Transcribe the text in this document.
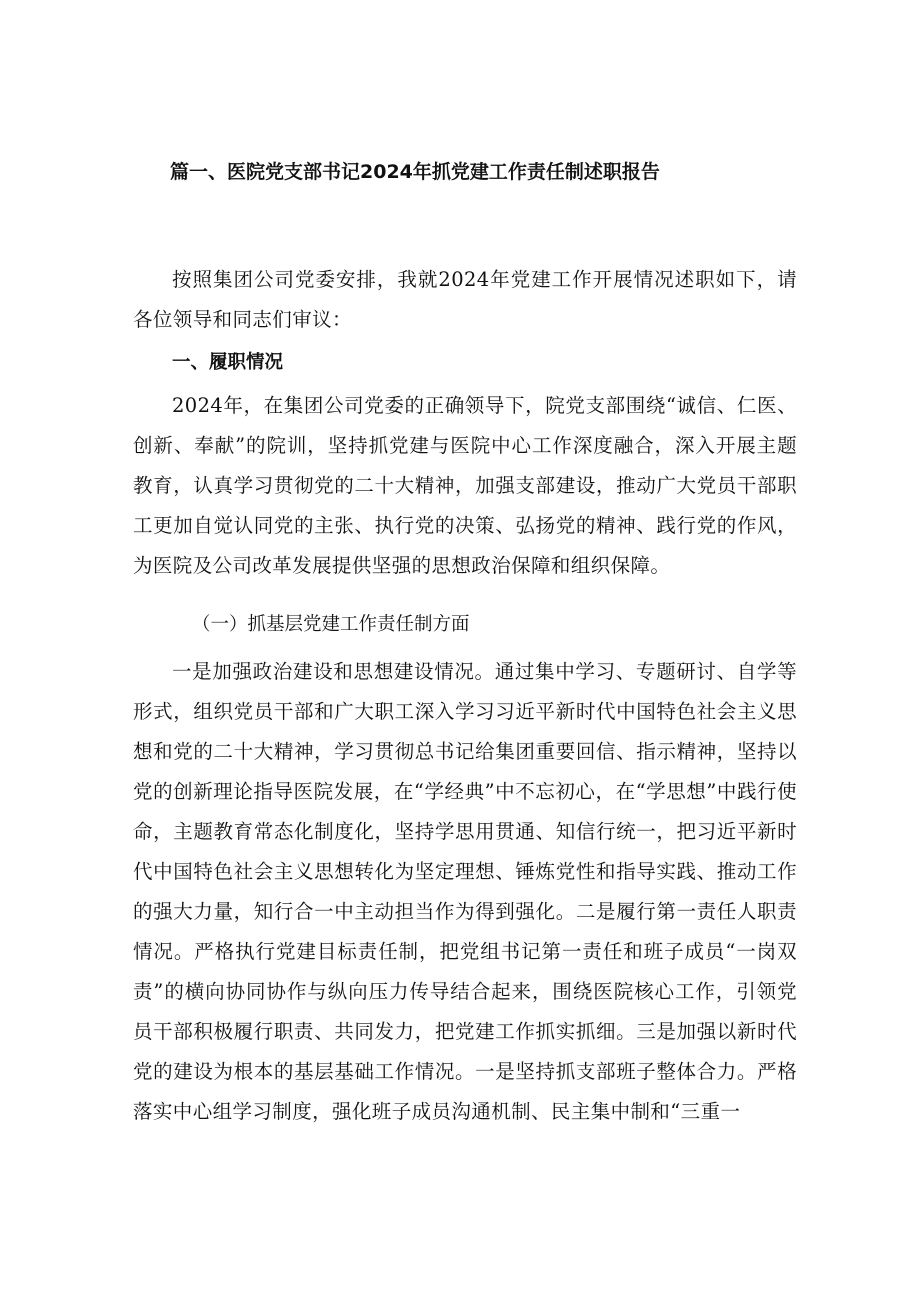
篇一、医院党支部书记2024年抓党建工作责任制述职报告
按照集团公司党委安排，我就2024年党建工作开展情况述职如下，请各位领导和同志们审议：
一、履职情况
2024年，在集团公司党委的正确领导下，院党支部围绕“诚信、仁医、创新、奉献”的院训，坚持抓党建与医院中心工作深度融合，深入开展主题教育，认真学习贯彻党的二十大精神，加强支部建设，推动广大党员干部职工更加自觉认同党的主张、执行党的决策、弘扬党的精神、践行党的作风，为医院及公司改革发展提供坚强的思想政治保障和组织保障。
（一）抓基层党建工作责任制方面
一是加强政治建设和思想建设情况。通过集中学习、专题研讨、自学等形式，组织党员干部和广大职工深入学习习近平新时代中国特色社会主义思想和党的二十大精神，学习贯彻总书记给集团重要回信、指示精神，坚持以党的创新理论指导医院发展，在“学经典”中不忘初心，在“学思想”中践行使命，主题教育常态化制度化，坚持学思用贯通、知信行统一，把习近平新时代中国特色社会主义思想转化为坚定理想、锤炼党性和指导实践、推动工作的强大力量，知行合一中主动担当作为得到强化。二是履行第一责任人职责情况。严格执行党建目标责任制，把党组书记第一责任和班子成员“一岗双责”的横向协同协作与纵向压力传导结合起来，围绕医院核心工作，引领党员干部积极履行职责、共同发力，把党建工作抓实抓细。三是加强以新时代党的建设为根本的基层基础工作情况。一是坚持抓支部班子整体合力。严格落实中心组学习制度，强化班子成员沟通机制、民主集中制和“三重一
